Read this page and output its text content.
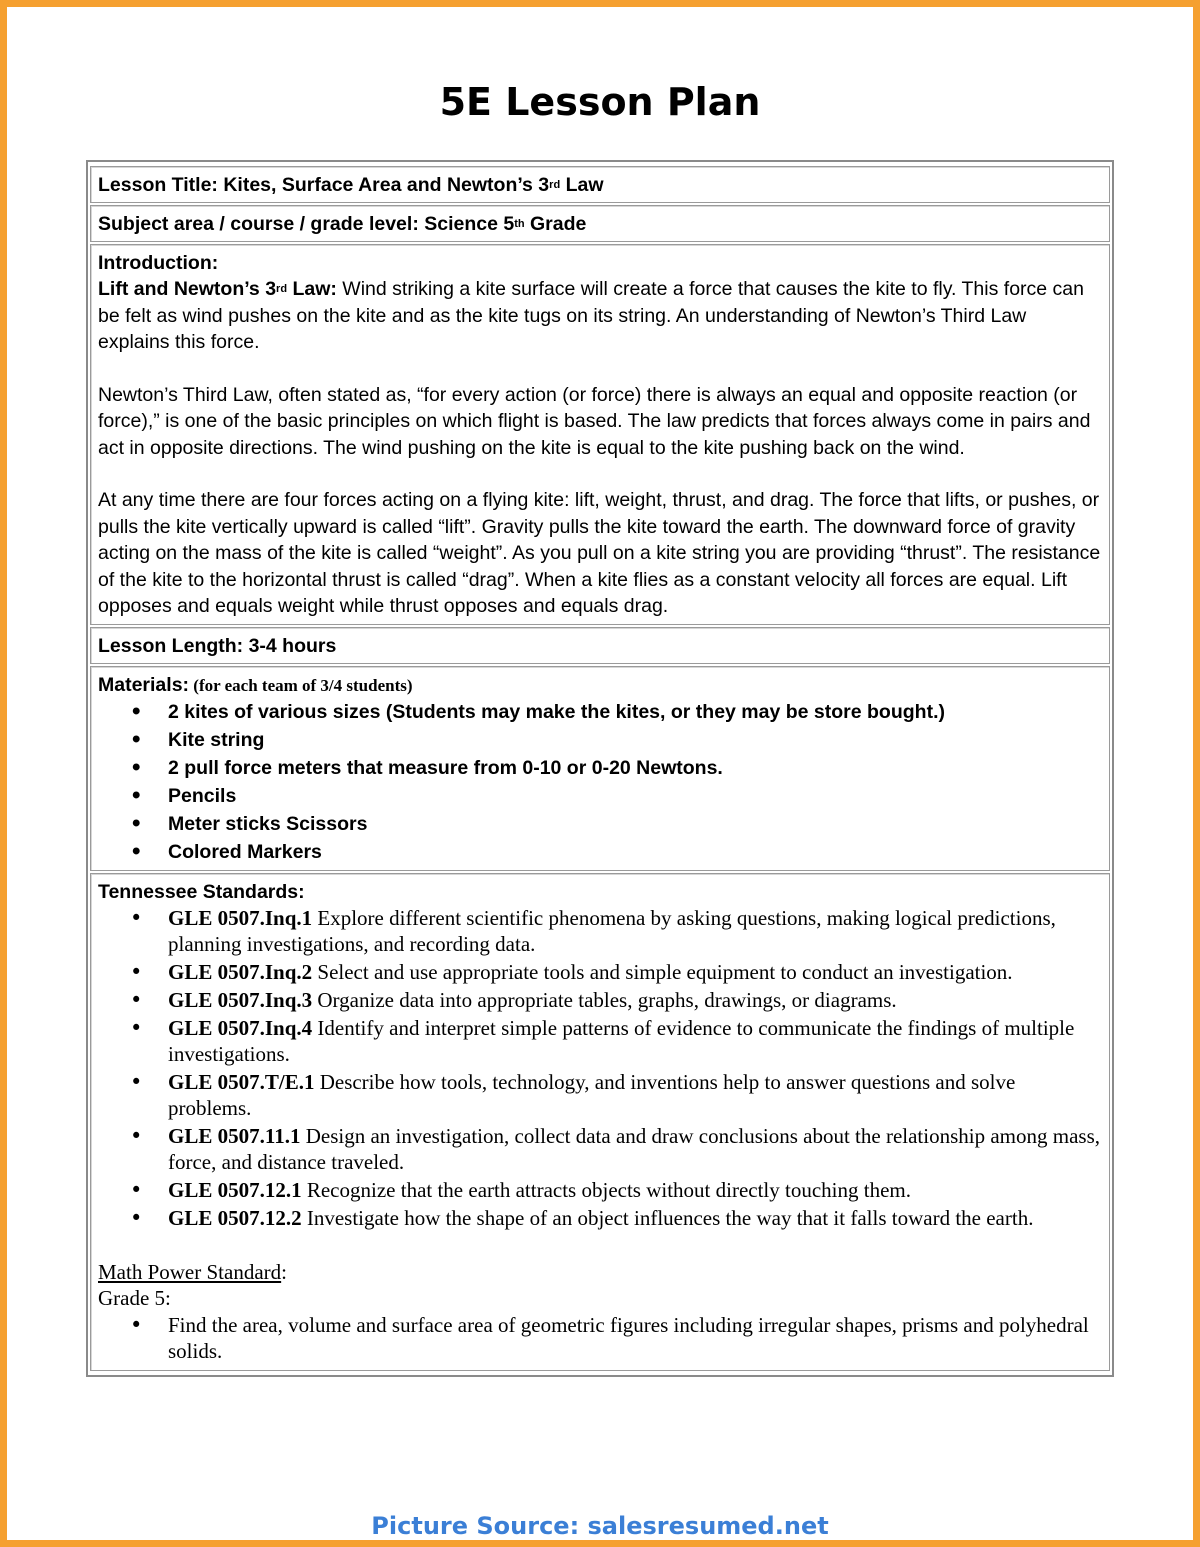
5E Lesson Plan
Lesson Title: Kites, Surface Area and Newton’s 3rd Law
Subject area / course / grade level: Science 5th Grade
Introduction:

Lift and Newton’s 3rd Law: Wind striking a kite surface will create a force that causes the kite to fly. This force can be felt as wind pushes on the kite and as the kite tugs on its string. An understanding of Newton’s Third Law explains this force.

Newton’s Third Law, often stated as, “for every action (or force) there is always an equal and opposite reaction (or force),” is one of the basic principles on which flight is based. The law predicts that forces always come in pairs and act in opposite directions. The wind pushing on the kite is equal to the kite pushing back on the wind.

At any time there are four forces acting on a flying kite: lift, weight, thrust, and drag. The force that lifts, or pushes, or pulls the kite vertically upward is called “lift”. Gravity pulls the kite toward the earth. The downward force of gravity acting on the mass of the kite is called “weight”. As you pull on a kite string you are providing “thrust”. The resistance of the kite to the horizontal thrust is called “drag”. When a kite flies as a constant velocity all forces are equal. Lift opposes and equals weight while thrust opposes and equals drag.

Lesson Length: 3-4 hours
Materials: (for each team of 3/4 students)
• 2 kites of various sizes (Students may make the kites, or they may be store bought.)
• Kite string
• 2 pull force meters that measure from 0-10 or 0-20 Newtons.
• Pencils
• Meter sticks Scissors
• Colored Markers
Tennessee Standards:
• GLE 0507.Inq.1 Explore different scientific phenomena by asking questions, making logical predictions, planning investigations, and recording data.
• GLE 0507.Inq.2 Select and use appropriate tools and simple equipment to conduct an investigation.
• GLE 0507.Inq.3 Organize data into appropriate tables, graphs, drawings, or diagrams.
• GLE 0507.Inq.4 Identify and interpret simple patterns of evidence to communicate the findings of multiple investigations.
• GLE 0507.T/E.1 Describe how tools, technology, and inventions help to answer questions and solve problems.
• GLE 0507.11.1 Design an investigation, collect data and draw conclusions about the relationship among mass, force, and distance traveled.
• GLE 0507.12.1 Recognize that the earth attracts objects without directly touching them.
• GLE 0507.12.2 Investigate how the shape of an object influences the way that it falls toward the earth.
Math Power Standard:
Grade 5:
• Find the area, volume and surface area of geometric figures including irregular shapes, prisms and polyhedral solids.
Picture Source: salesresumed.net
